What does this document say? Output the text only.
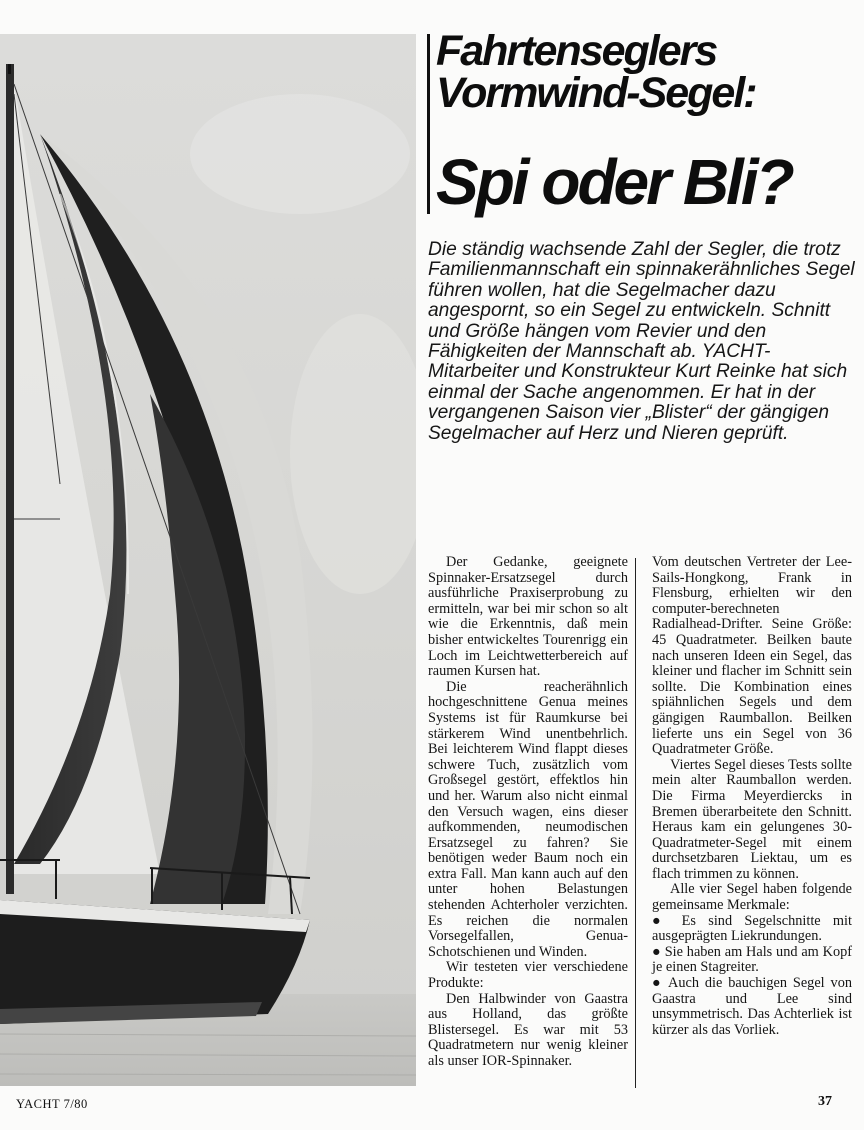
Fahrtenseglers
Vormwind-Segel:
Spi oder Bli?

Die ständig wachsende Zahl der Segler, die trotz Familienmannschaft ein spinnakerähnliches Segel führen wollen, hat die Segelmacher dazu angespornt, so ein Segel zu entwickeln. Schnitt und Größe hängen vom Revier und den Fähigkeiten der Mannschaft ab. YACHT-Mitarbeiter und Konstrukteur Kurt Reinke hat sich einmal der Sache angenommen. Er hat in der vergangenen Saison vier „Blister“ der gängigen Segelmacher auf Herz und Nieren geprüft.

Der Gedanke, geeignete Spinnaker-Ersatzsegel durch ausführliche Praxiserprobung zu ermitteln, war bei mir schon so alt wie die Erkenntnis, daß mein bisher entwickeltes Tourenrigg ein Loch im Leichtwetterbereich auf raumen Kursen hat.

Die reacherähnlich hochgeschnittene Genua meines Systems ist für Raumkurse bei stärkerem Wind unentbehrlich. Bei leichterem Wind flappt dieses schwere Tuch, zusätzlich vom Großsegel gestört, effektlos hin und her. Warum also nicht einmal den Versuch wagen, eins dieser aufkommenden, neumodischen Ersatzsegel zu fahren? Sie benötigen weder Baum noch ein extra Fall. Man kann auch auf den unter hohen Belastungen stehenden Achterholer verzichten. Es reichen die normalen Vorsegelfallen, Genua-Schotschienen und Winden.

Wir testeten vier verschiedene Produkte:

Den Halbwinder von Gaastra aus Holland, das größte Blistersegel. Es war mit 53 Quadratmetern nur wenig kleiner als unser IOR-Spinnaker.

Vom deutschen Vertreter der Lee-Sails-Hongkong, Frank in Flensburg, erhielten wir den computer-berechneten Radialhead-Drifter. Seine Größe: 45 Quadratmeter. Beilken baute nach unseren Ideen ein Segel, das kleiner und flacher im Schnitt sein sollte. Die Kombination eines spiähnlichen Segels und dem gängigen Raumballon. Beilken lieferte uns ein Segel von 36 Quadratmeter Größe.

Viertes Segel dieses Tests sollte mein alter Raumballon werden. Die Firma Meyerdiercks in Bremen überarbeitete den Schnitt. Heraus kam ein gelungenes 30-Quadratmeter-Segel mit einem durchsetzbaren Liektau, um es flach trimmen zu können.

Alle vier Segel haben folgende gemeinsame Merkmale:

● Es sind Segelschnitte mit ausgeprägten Liekrundungen.

● Sie haben am Hals und am Kopf je einen Stagreiter.

● Auch die bauchigen Segel von Gaastra und Lee sind unsymmetrisch. Das Achterliek ist kürzer als das Vorliek.

YACHT 7/80	37
